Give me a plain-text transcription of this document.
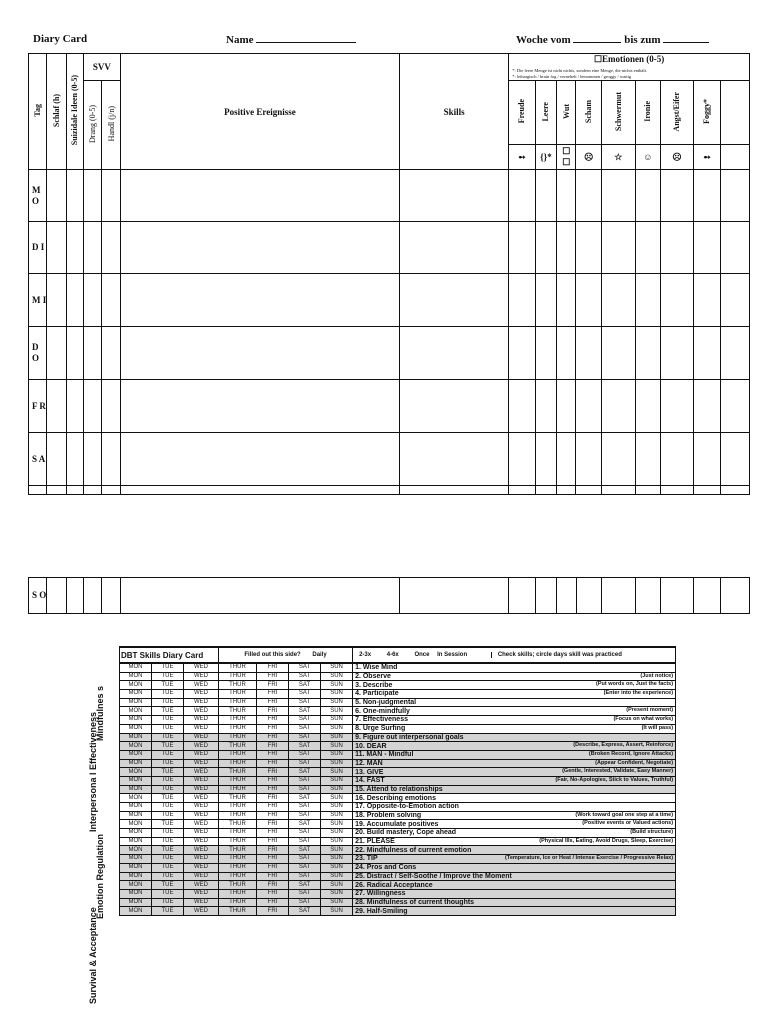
Diary Card	Name	Woche vom	bis zum
Tag	Schlaf (h)	Suizidale Ideen (0-5)	SVV		Positive Ereignisse	Skills	☐Emotionen (0-5)
*: Die leere Menge ist nicht nichts, sondern eine Menge, die nichts enthält.
*: lethargisch / brain fog / vernebelt / benommen / groggy / wattig								

			Drang (0-5)	Handl (j/n)			Freude	Leere	Wut	Scham	Schwermut	Ironie	Angst/Eifer	Foggy*	
							➻	{}*	☐ ☐	☹	☆	☺	☹	➻	
M O															
D I															
M I															
D O															
F R															
S A															

S O															
Mindfulnes s
Interpersona l Effectiveness
Emotion Regulation
Survival & Acceptance
DBT Skills Diary Card			Filled out this side? Daily				2-3x 4-6x Once In Session Check skills; circle days skill was practiced
MON	TUE	WED	THUR	FRI	SAT	SUN	1. Wise Mind
MON	TUE	WED	THUR	FRI	SAT	SUN	2. Observe (Just notice)

MON	TUE	WED	THUR	FRI	SAT	SUN	3. Describe (Put words on, Just the facts)

MON	TUE	WED	THUR	FRI	SAT	SUN	4. Participate (Enter into the experience)

MON	TUE	WED	THUR	FRI	SAT	SUN	5. Non-judgmental
MON	TUE	WED	THUR	FRI	SAT	SUN	6. One-mindfully (Present moment)

MON	TUE	WED	THUR	FRI	SAT	SUN	7. Effectiveness (Focus on what works)

MON	TUE	WED	THUR	FRI	SAT	SUN	8. Urge Surfing (It will pass)

MON	TUE	WED	THUR	FRI	SAT	SUN	9. Figure out interpersonal goals
MON	TUE	WED	THUR	FRI	SAT	SUN	10. DEAR (Describe, Express, Assert, Reinforce)

MON	TUE	WED	THUR	FRI	SAT	SUN	11. MAN - Mindful (Broken Record, Ignore Attacks)

MON	TUE	WED	THUR	FRI	SAT	SUN	12. MAN (Appear Confident, Negotiate)

MON	TUE	WED	THUR	FRI	SAT	SUN	13. GIVE (Gentle, Interested, Validate, Easy Manner)

MON	TUE	WED	THUR	FRI	SAT	SUN	14. FAST (Fair, No-Apologies, Stick to Values, Truthful)

MON	TUE	WED	THUR	FRI	SAT	SUN	15. Attend to relationships
MON	TUE	WED	THUR	FRI	SAT	SUN	16. Describing emotions
MON	TUE	WED	THUR	FRI	SAT	SUN	17. Opposite-to-Emotion action
MON	TUE	WED	THUR	FRI	SAT	SUN	18. Problem solving (Work toward goal one step at a time)

MON	TUE	WED	THUR	FRI	SAT	SUN	19. Accumulate positives (Positive events or Valued actions)

MON	TUE	WED	THUR	FRI	SAT	SUN	20. Build mastery, Cope ahead (Build structure)

MON	TUE	WED	THUR	FRI	SAT	SUN	21. PLEASE (Physical Ills, Eating, Avoid Drugs, Sleep, Exercise)

MON	TUE	WED	THUR	FRI	SAT	SUN	22. Mindfulness of current emotion
MON	TUE	WED	THUR	FRI	SAT	SUN	23. TIP (Temperature, Ice or Heat / Intense Exercise / Progressive Relax)

MON	TUE	WED	THUR	FRI	SAT	SUN	24. Pros and Cons
MON	TUE	WED	THUR	FRI	SAT	SUN	25. Distract / Self-Soothe / Improve the Moment
MON	TUE	WED	THUR	FRI	SAT	SUN	26. Radical Acceptance
MON	TUE	WED	THUR	FRI	SAT	SUN	27. Willingness
MON	TUE	WED	THUR	FRI	SAT	SUN	28. Mindfulness of current thoughts
MON	TUE	WED	THUR	FRI	SAT	SUN	29. Half-Smiling
